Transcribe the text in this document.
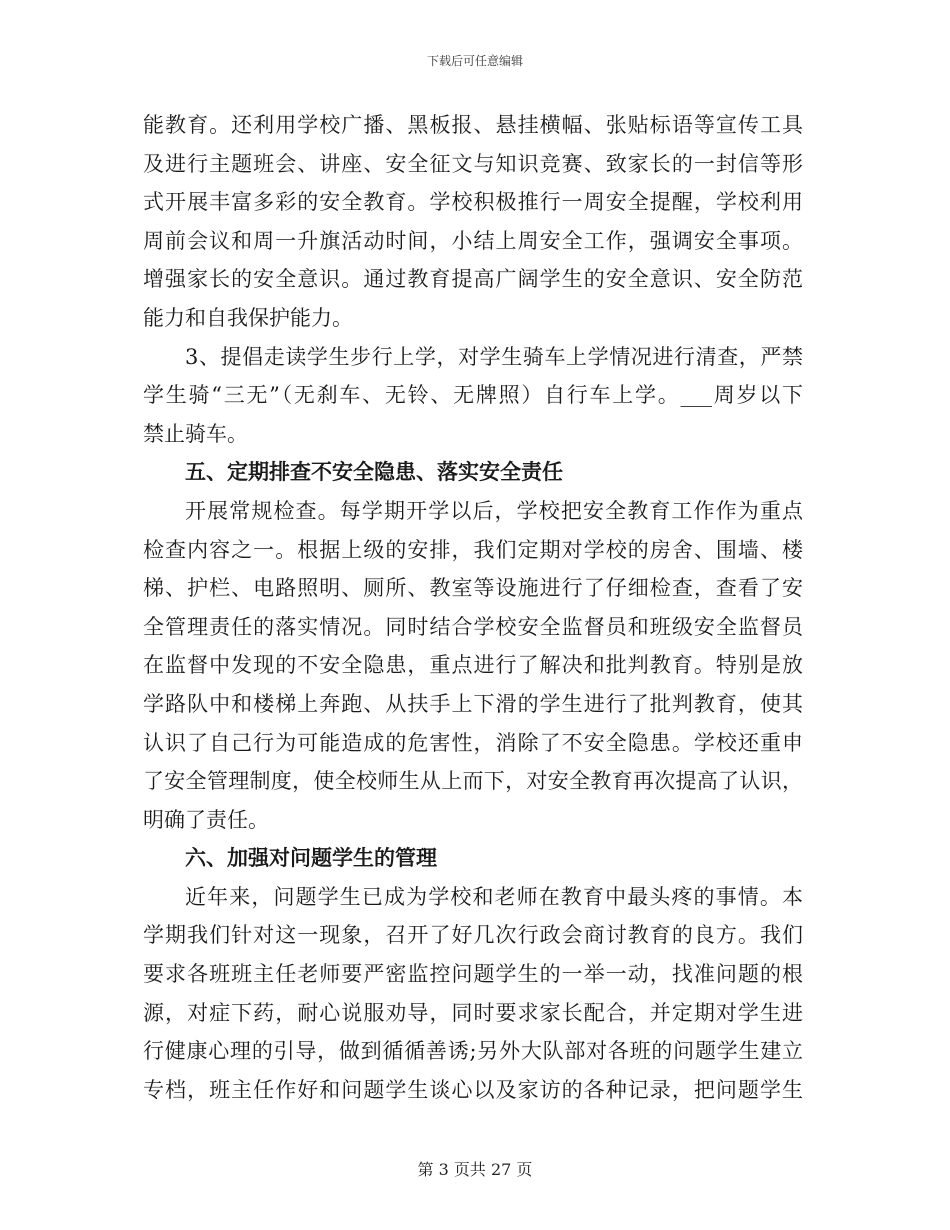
下载后可任意编辑
能教育。还利用学校广播、黑板报、悬挂横幅、张贴标语等宣传工具
及进行主题班会、讲座、安全征文与知识竞赛、致家长的一封信等形
式开展丰富多彩的安全教育。学校积极推行一周安全提醒，学校利用
周前会议和周一升旗活动时间，小结上周安全工作，强调安全事项。
增强家长的安全意识。通过教育提高广阔学生的安全意识、安全防范
能力和自我保护能力。
3、提倡走读学生步行上学，对学生骑车上学情况进行清查，严禁
学生骑“三无”（无刹车、无铃、无牌照）自行车上学。___周岁以下
禁止骑车。
五、定期排查不安全隐患、落实安全责任
开展常规检查。每学期开学以后，学校把安全教育工作作为重点
检查内容之一。根据上级的安排，我们定期对学校的房舍、围墙、楼
梯、护栏、电路照明、厕所、教室等设施进行了仔细检查，查看了安
全管理责任的落实情况。同时结合学校安全监督员和班级安全监督员
在监督中发现的不安全隐患，重点进行了解决和批判教育。特别是放
学路队中和楼梯上奔跑、从扶手上下滑的学生进行了批判教育，使其
认识了自己行为可能造成的危害性，消除了不安全隐患。学校还重申
了安全管理制度，使全校师生从上而下，对安全教育再次提高了认识，
明确了责任。
六、加强对问题学生的管理
近年来，问题学生已成为学校和老师在教育中最头疼的事情。本
学期我们针对这一现象，召开了好几次行政会商讨教育的良方。我们
要求各班班主任老师要严密监控问题学生的一举一动，找准问题的根
源，对症下药，耐心说服劝导，同时要求家长配合，并定期对学生进
行健康心理的引导，做到循循善诱;另外大队部对各班的问题学生建立
专档，班主任作好和问题学生谈心以及家访的各种记录，把问题学生
第 3 页共 27 页
